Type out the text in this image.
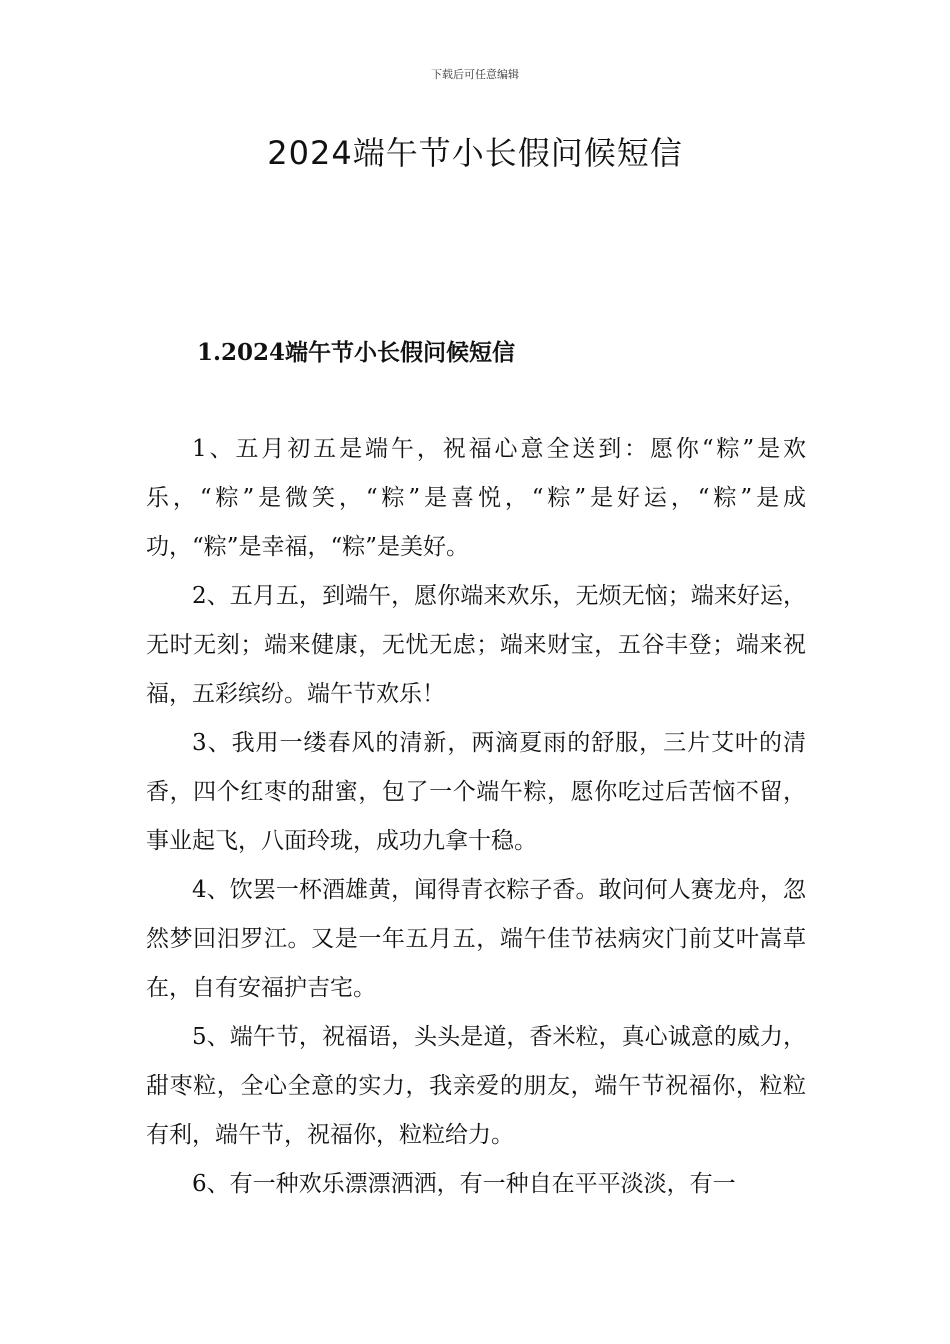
下载后可任意编辑

2024端午节小长假问候短信
1.2024端午节小长假问候短信

1、五月初五是端午，祝福心意全送到：愿你“粽”是欢乐，“粽”是微笑，“粽”是喜悦，“粽”是好运，“粽”是成功，“粽”是幸福，“粽”是美好。

2、五月五，到端午，愿你端来欢乐，无烦无恼；端来好运，无时无刻；端来健康，无忧无虑；端来财宝，五谷丰登；端来祝福，五彩缤纷。端午节欢乐！

3、我用一缕春风的清新，两滴夏雨的舒服，三片艾叶的清香，四个红枣的甜蜜，包了一个端午粽，愿你吃过后苦恼不留，事业起飞，八面玲珑，成功九拿十稳。

4、饮罢一杯酒雄黄，闻得青衣粽子香。敢问何人赛龙舟，忽然梦回汨罗江。又是一年五月五，端午佳节祛病灾门前艾叶嵩草在，自有安福护吉宅。

5、端午节，祝福语，头头是道，香米粒，真心诚意的威力，甜枣粒，全心全意的实力，我亲爱的朋友，端午节祝福你，粒粒有利，端午节，祝福你，粒粒给力。

6、有一种欢乐漂漂洒洒，有一种自在平平淡淡，有一
